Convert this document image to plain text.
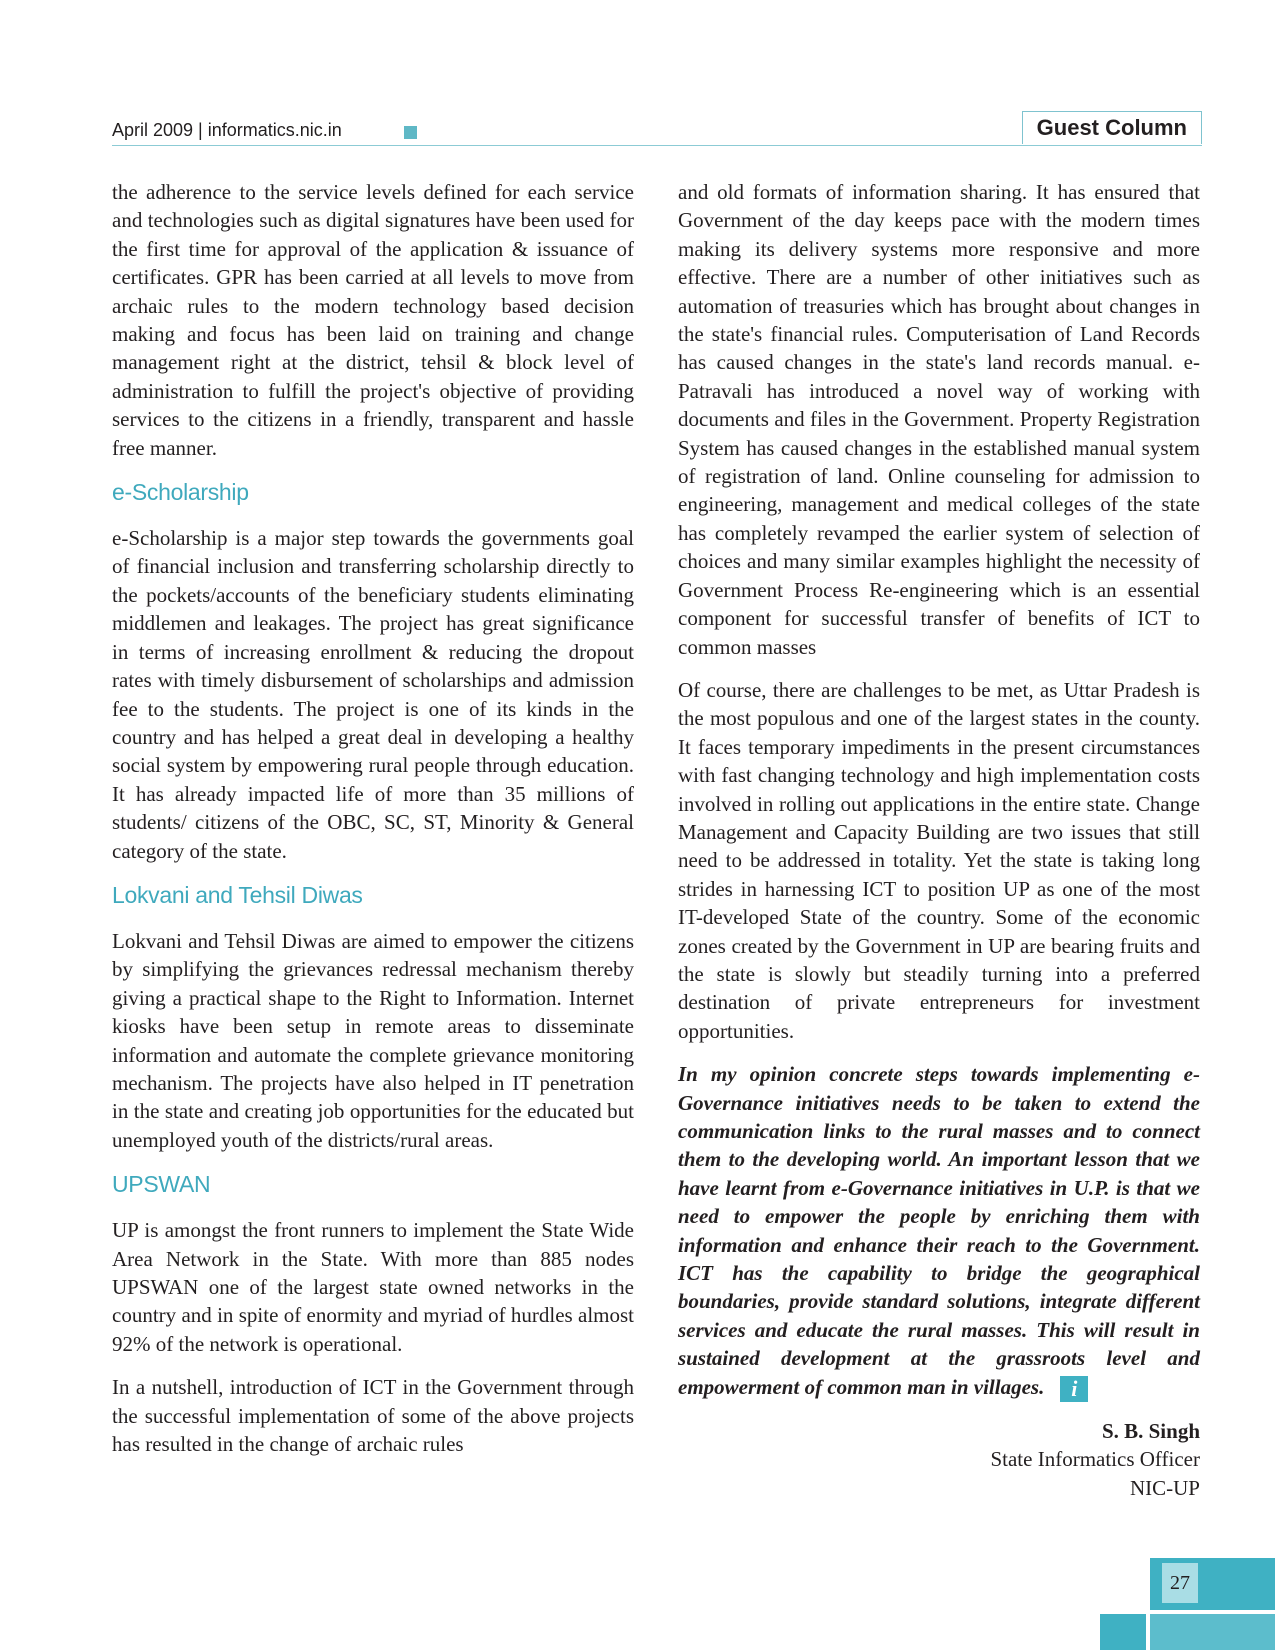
April 2009 | informatics.nic.in	Guest Column

the adherence to the service levels defined for each service and technologies such as digital signatures have been used for the first time for approval of the application & issuance of certificates. GPR has been carried at all levels to move from archaic rules to the modern technology based decision making and focus has been laid on training and change management right at the district, tehsil & block level of administration to fulfill the project's objective of providing services to the citizens in a friendly, transparent and hassle free manner.

e-Scholarship

e-Scholarship is a major step towards the governments goal of financial inclusion and transferring scholarship directly to the pockets/accounts of the beneficiary students eliminating middlemen and leakages. The project has great significance in terms of increasing enrollment & reducing the dropout rates with timely disbursement of scholarships and admission fee to the students. The project is one of its kinds in the country and has helped a great deal in developing a healthy social system by empowering rural people through education. It has already impacted life of more than 35 millions of students/ citizens of the OBC, SC, ST, Minority & General category of the state.

Lokvani and Tehsil Diwas

Lokvani and Tehsil Diwas are aimed to empower the citizens by simplifying the grievances redressal mechanism thereby giving a practical shape to the Right to Information. Internet kiosks have been setup in remote areas to disseminate information and automate the complete grievance monitoring mechanism. The projects have also helped in IT penetration in the state and creating job opportunities for the educated but unemployed youth of the districts/rural areas.

UPSWAN

UP is amongst the front runners to implement the State Wide Area Network in the State. With more than 885 nodes UPSWAN one of the largest state owned networks in the country and in spite of enormity and myriad of hurdles almost 92% of the network is operational.

In a nutshell, introduction of ICT in the Government through the successful implementation of some of the above projects has resulted in the change of archaic rules

and old formats of information sharing. It has ensured that Government of the day keeps pace with the modern times making its delivery systems more responsive and more effective. There are a number of other initiatives such as automation of treasuries which has brought about changes in the state's financial rules. Computerisation of Land Records has caused changes in the state's land records manual. e-Patravali has introduced a novel way of working with documents and files in the Government. Property Registration System has caused changes in the established manual system of registration of land. Online counseling for admission to engineering, management and medical colleges of the state has completely revamped the earlier system of selection of choices and many similar examples highlight the necessity of Government Process Re-engineering which is an essential component for successful transfer of benefits of ICT to common masses

Of course, there are challenges to be met, as Uttar Pradesh is the most populous and one of the largest states in the county. It faces temporary impediments in the present circumstances with fast changing technology and high implementation costs involved in rolling out applications in the entire state. Change Management and Capacity Building are two issues that still need to be addressed in totality. Yet the state is taking long strides in harnessing ICT to position UP as one of the most IT-developed State of the country. Some of the economic zones created by the Government in UP are bearing fruits and the state is slowly but steadily turning into a preferred destination of private entrepreneurs for investment opportunities.

In my opinion concrete steps towards implementing e-Governance initiatives needs to be taken to extend the communication links to the rural masses and to connect them to the developing world. An important lesson that we have learnt from e-Governance initiatives in U.P. is that we need to empower the people by enriching them with information and enhance their reach to the Government. ICT has the capability to bridge the geographical boundaries, provide standard solutions, integrate different services and educate the rural masses. This will result in sustained development at the grassroots level and empowerment of common man in villages. i

S. B. Singh
State Informatics Officer
NIC-UP
27
